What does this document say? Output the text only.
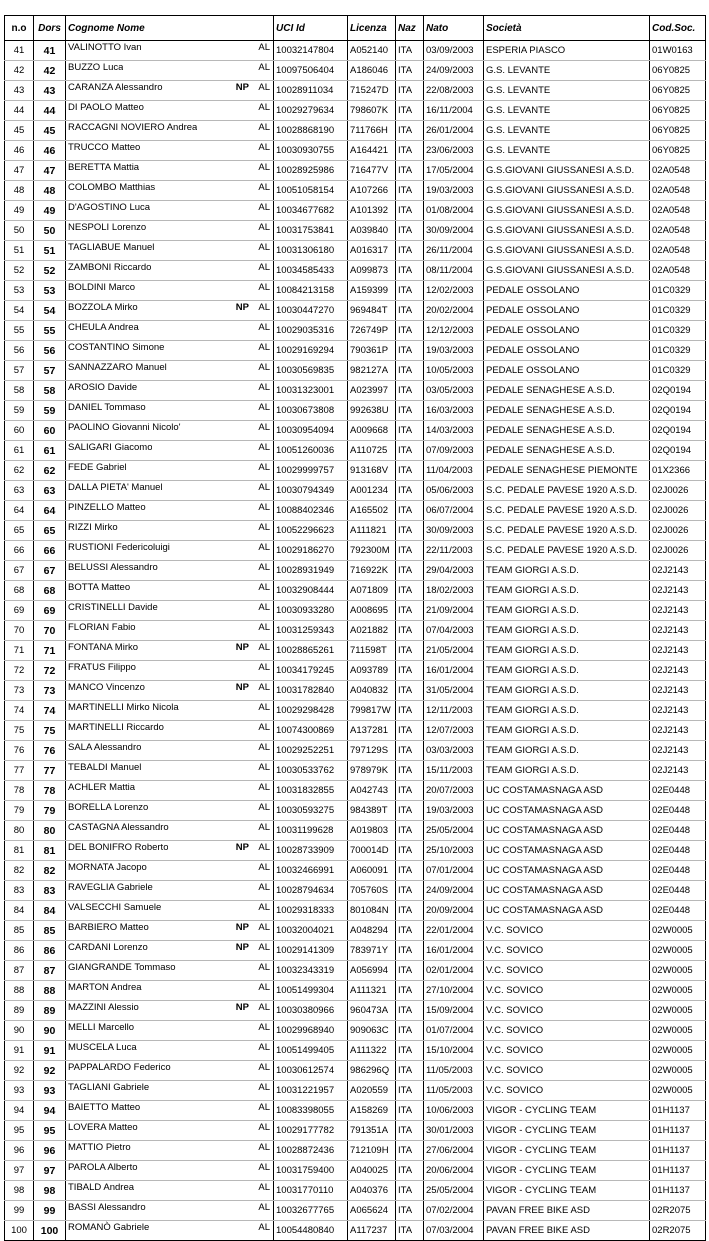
n.o	Dors	Cognome Nome	UCI Id	Licenza	Naz	Nato	Società	Cod.Soc.
41	41	VALINOTTO Ivan AL	10032147804	A052140	ITA	03/09/2003	ESPERIA PIASCO	01W0163
42	42	BUZZO Luca AL	10097506404	A186046	ITA	24/09/2003	G.S. LEVANTE	06Y0825
43	43	CARANZA Alessandro NP AL	10028911034	715247D	ITA	22/08/2003	G.S. LEVANTE	06Y0825
44	44	DI PAOLO Matteo AL	10029279634	798607K	ITA	16/11/2004	G.S. LEVANTE	06Y0825
45	45	RACCAGNI NOVIERO Andrea AL	10028868190	711766H	ITA	26/01/2004	G.S. LEVANTE	06Y0825
46	46	TRUCCO Matteo AL	10030930755	A164421	ITA	23/06/2003	G.S. LEVANTE	06Y0825
47	47	BERETTA Mattia AL	10028925986	716477V	ITA	17/05/2004	G.S.GIOVANI GIUSSANESI A.S.D.	02A0548
48	48	COLOMBO Matthias AL	10051058154	A107266	ITA	19/03/2003	G.S.GIOVANI GIUSSANESI A.S.D.	02A0548
49	49	D'AGOSTINO Luca AL	10034677682	A101392	ITA	01/08/2004	G.S.GIOVANI GIUSSANESI A.S.D.	02A0548
50	50	NESPOLI Lorenzo AL	10031753841	A039840	ITA	30/09/2004	G.S.GIOVANI GIUSSANESI A.S.D.	02A0548
51	51	TAGLIABUE Manuel AL	10031306180	A016317	ITA	26/11/2004	G.S.GIOVANI GIUSSANESI A.S.D.	02A0548
52	52	ZAMBONI Riccardo AL	10034585433	A099873	ITA	08/11/2004	G.S.GIOVANI GIUSSANESI A.S.D.	02A0548
53	53	BOLDINI Marco AL	10084213158	A159399	ITA	12/02/2003	PEDALE OSSOLANO	01C0329
54	54	BOZZOLA Mirko NP AL	10030447270	969484T	ITA	20/02/2004	PEDALE OSSOLANO	01C0329
55	55	CHEULA Andrea AL	10029035316	726749P	ITA	12/12/2003	PEDALE OSSOLANO	01C0329
56	56	COSTANTINO Simone AL	10029169294	790361P	ITA	19/03/2003	PEDALE OSSOLANO	01C0329
57	57	SANNAZZARO Manuel AL	10030569835	982127A	ITA	10/05/2003	PEDALE OSSOLANO	01C0329
58	58	AROSIO Davide AL	10031323001	A023997	ITA	03/05/2003	PEDALE SENAGHESE A.S.D.	02Q0194
59	59	DANIEL Tommaso AL	10030673808	992638U	ITA	16/03/2003	PEDALE SENAGHESE A.S.D.	02Q0194
60	60	PAOLINO Giovanni Nicolo' AL	10030954094	A009668	ITA	14/03/2003	PEDALE SENAGHESE A.S.D.	02Q0194
61	61	SALIGARI Giacomo AL	10051260036	A110725	ITA	07/09/2003	PEDALE SENAGHESE A.S.D.	02Q0194
62	62	FEDE Gabriel AL	10029999757	913168V	ITA	11/04/2003	PEDALE SENAGHESE PIEMONTE	01X2366
63	63	DALLA PIETA' Manuel AL	10030794349	A001234	ITA	05/06/2003	S.C. PEDALE PAVESE 1920 A.S.D.	02J0026
64	64	PINZELLO Matteo AL	10088402346	A165502	ITA	06/07/2004	S.C. PEDALE PAVESE 1920 A.S.D.	02J0026
65	65	RIZZI Mirko AL	10052296623	A111821	ITA	30/09/2003	S.C. PEDALE PAVESE 1920 A.S.D.	02J0026
66	66	RUSTIONI Federicoluigi AL	10029186270	792300M	ITA	22/11/2003	S.C. PEDALE PAVESE 1920 A.S.D.	02J0026
67	67	BELUSSI Alessandro AL	10028931949	716922K	ITA	29/04/2003	TEAM GIORGI A.S.D.	02J2143
68	68	BOTTA Matteo AL	10032908444	A071809	ITA	18/02/2003	TEAM GIORGI A.S.D.	02J2143
69	69	CRISTINELLI Davide AL	10030933280	A008695	ITA	21/09/2004	TEAM GIORGI A.S.D.	02J2143
70	70	FLORIAN Fabio AL	10031259343	A021882	ITA	07/04/2003	TEAM GIORGI A.S.D.	02J2143
71	71	FONTANA Mirko NP AL	10028865261	711598T	ITA	21/05/2004	TEAM GIORGI A.S.D.	02J2143
72	72	FRATUS Filippo AL	10034179245	A093789	ITA	16/01/2004	TEAM GIORGI A.S.D.	02J2143
73	73	MANCO Vincenzo NP AL	10031782840	A040832	ITA	31/05/2004	TEAM GIORGI A.S.D.	02J2143
74	74	MARTINELLI Mirko Nicola AL	10029298428	799817W	ITA	12/11/2003	TEAM GIORGI A.S.D.	02J2143
75	75	MARTINELLI Riccardo AL	10074300869	A137281	ITA	12/07/2003	TEAM GIORGI A.S.D.	02J2143
76	76	SALA Alessandro AL	10029252251	797129S	ITA	03/03/2003	TEAM GIORGI A.S.D.	02J2143
77	77	TEBALDI Manuel AL	10030533762	978979K	ITA	15/11/2003	TEAM GIORGI A.S.D.	02J2143
78	78	ACHLER Mattia AL	10031832855	A042743	ITA	20/07/2003	UC COSTAMASNAGA ASD	02E0448
79	79	BORELLA Lorenzo AL	10030593275	984389T	ITA	19/03/2003	UC COSTAMASNAGA ASD	02E0448
80	80	CASTAGNA Alessandro AL	10031199628	A019803	ITA	25/05/2004	UC COSTAMASNAGA ASD	02E0448
81	81	DEL BONIFRO Roberto NP AL	10028733909	700014D	ITA	25/10/2003	UC COSTAMASNAGA ASD	02E0448
82	82	MORNATA Jacopo AL	10032466991	A060091	ITA	07/01/2004	UC COSTAMASNAGA ASD	02E0448
83	83	RAVEGLIA Gabriele AL	10028794634	705760S	ITA	24/09/2004	UC COSTAMASNAGA ASD	02E0448
84	84	VALSECCHI Samuele AL	10029318333	801084N	ITA	20/09/2004	UC COSTAMASNAGA ASD	02E0448
85	85	BARBIERO Matteo NP AL	10032004021	A048294	ITA	22/01/2004	V.C. SOVICO	02W0005
86	86	CARDANI Lorenzo NP AL	10029141309	783971Y	ITA	16/01/2004	V.C. SOVICO	02W0005
87	87	GIANGRANDE Tommaso AL	10032343319	A056994	ITA	02/01/2004	V.C. SOVICO	02W0005
88	88	MARTON Andrea AL	10051499304	A111321	ITA	27/10/2004	V.C. SOVICO	02W0005
89	89	MAZZINI Alessio NP AL	10030380966	960473A	ITA	15/09/2004	V.C. SOVICO	02W0005
90	90	MELLI Marcello AL	10029968940	909063C	ITA	01/07/2004	V.C. SOVICO	02W0005
91	91	MUSCELA Luca AL	10051499405	A111322	ITA	15/10/2004	V.C. SOVICO	02W0005
92	92	PAPPALARDO Federico AL	10030612574	986296Q	ITA	11/05/2003	V.C. SOVICO	02W0005
93	93	TAGLIANI Gabriele AL	10031221957	A020559	ITA	11/05/2003	V.C. SOVICO	02W0005
94	94	BAIETTO Matteo AL	10083398055	A158269	ITA	10/06/2003	VIGOR - CYCLING TEAM	01H1137
95	95	LOVERA Matteo AL	10029177782	791351A	ITA	30/01/2003	VIGOR - CYCLING TEAM	01H1137
96	96	MATTIO Pietro AL	10028872436	712109H	ITA	27/06/2004	VIGOR - CYCLING TEAM	01H1137
97	97	PAROLA Alberto AL	10031759400	A040025	ITA	20/06/2004	VIGOR - CYCLING TEAM	01H1137
98	98	TIBALD Andrea AL	10031770110	A040376	ITA	25/05/2004	VIGOR - CYCLING TEAM	01H1137
99	99	BASSI Alessandro AL	10032677765	A065624	ITA	07/02/2004	PAVAN FREE BIKE ASD	02R2075
100	100	ROMANÒ Gabriele AL	10054480840	A117237	ITA	07/03/2004	PAVAN FREE BIKE ASD	02R2075
